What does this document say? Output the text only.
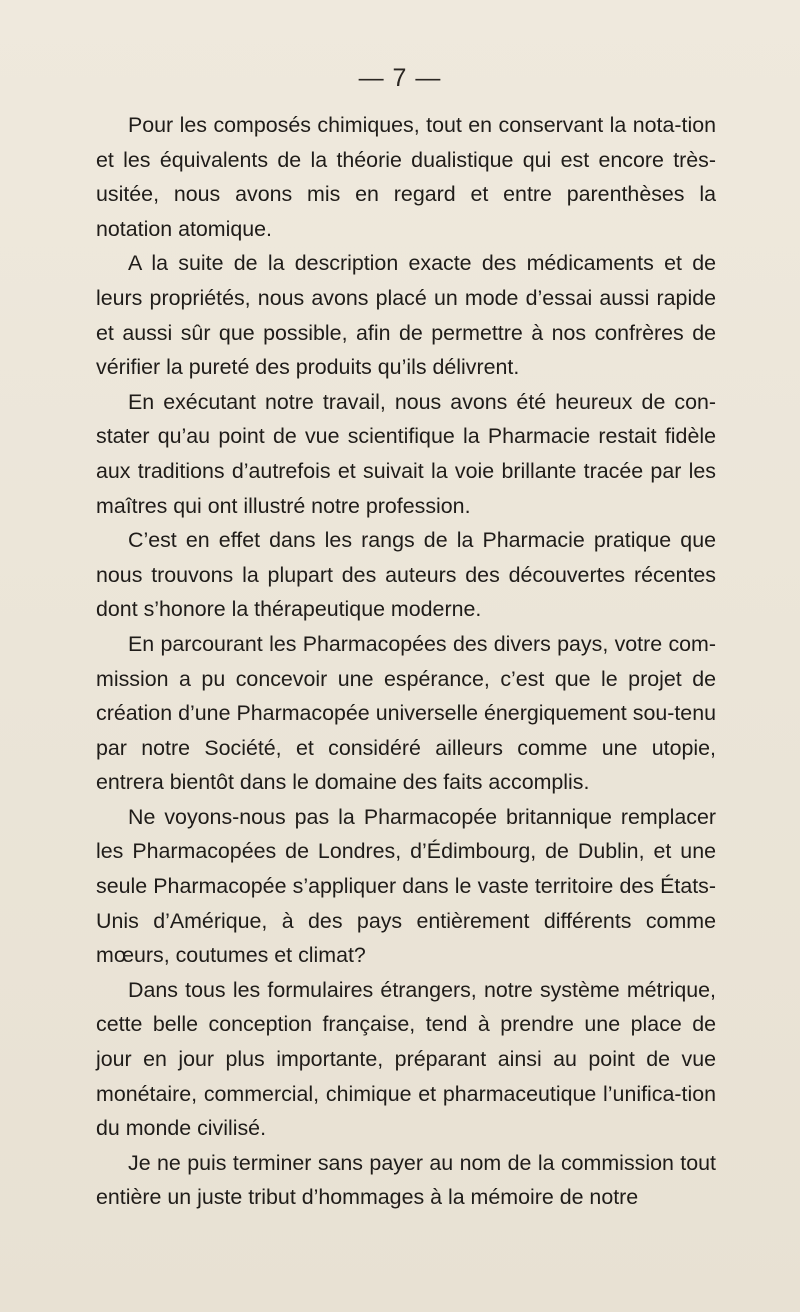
— 7 —

Pour les composés chimiques, tout en conservant la nota-tion et les équivalents de la théorie dualistique qui est encore très-usitée, nous avons mis en regard et entre parenthèses la notation atomique.

A la suite de la description exacte des médicaments et de leurs propriétés, nous avons placé un mode d’essai aussi rapide et aussi sûr que possible, afin de permettre à nos confrères de vérifier la pureté des produits qu’ils délivrent.

En exécutant notre travail, nous avons été heureux de con-stater qu’au point de vue scientifique la Pharmacie restait fidèle aux traditions d’autrefois et suivait la voie brillante tracée par les maîtres qui ont illustré notre profession.

C’est en effet dans les rangs de la Pharmacie pratique que nous trouvons la plupart des auteurs des découvertes récentes dont s’honore la thérapeutique moderne.

En parcourant les Pharmacopées des divers pays, votre com-mission a pu concevoir une espérance, c’est que le projet de création d’une Pharmacopée universelle énergiquement sou-tenu par notre Société, et considéré ailleurs comme une utopie, entrera bientôt dans le domaine des faits accomplis.

Ne voyons-nous pas la Pharmacopée britannique remplacer les Pharmacopées de Londres, d’Édimbourg, de Dublin, et une seule Pharmacopée s’appliquer dans le vaste territoire des États-Unis d’Amérique, à des pays entièrement différents comme mœurs, coutumes et climat?

Dans tous les formulaires étrangers, notre système métrique, cette belle conception française, tend à prendre une place de jour en jour plus importante, préparant ainsi au point de vue monétaire, commercial, chimique et pharmaceutique l’unifica-tion du monde civilisé.

Je ne puis terminer sans payer au nom de la commission tout entière un juste tribut d’hommages à la mémoire de notre
